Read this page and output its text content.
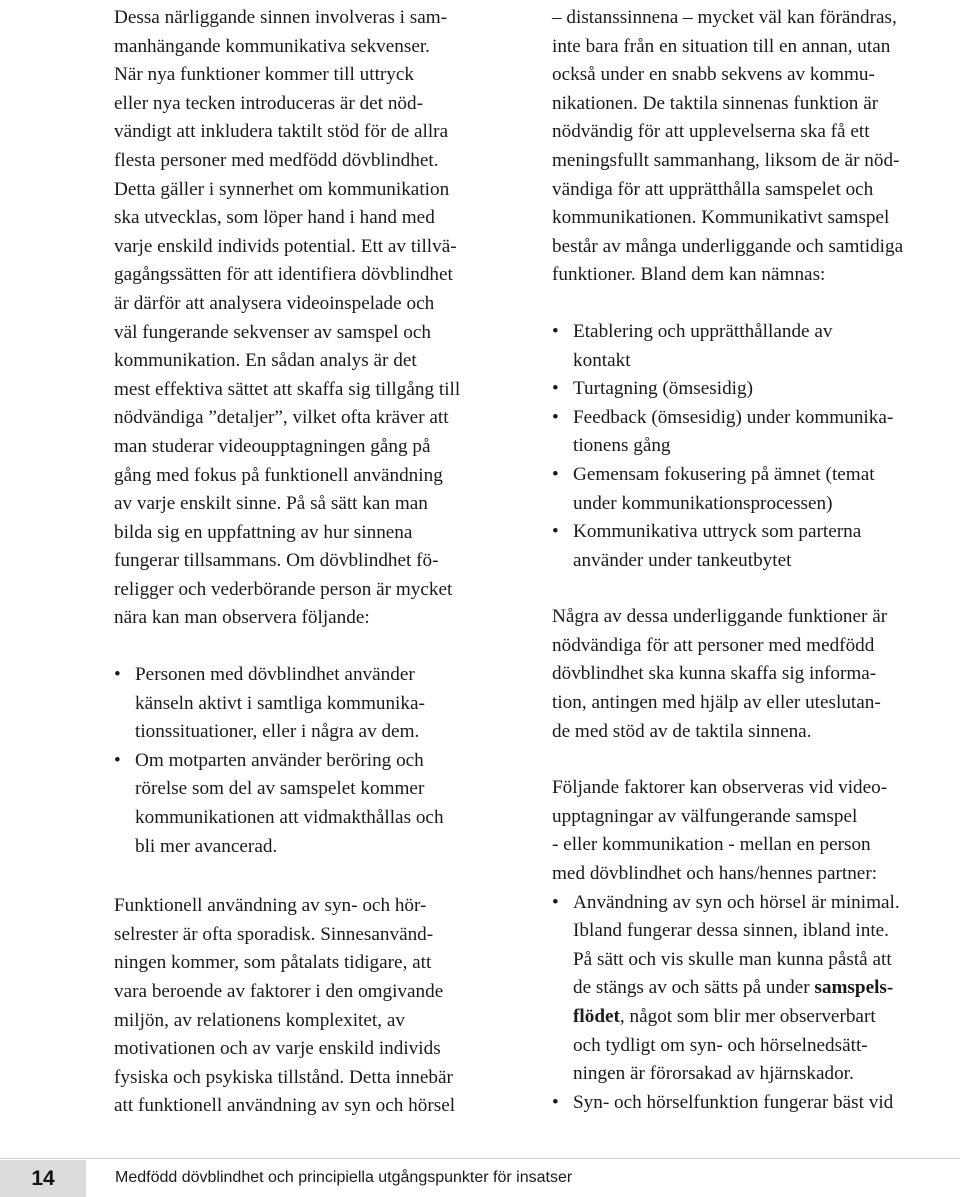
Dessa närliggande sinnen involveras i sam-
manhängande kommunikativa sekvenser.
När nya funktioner kommer till uttryck
eller nya tecken introduceras är det nöd-
vändigt att inkludera taktilt stöd för de allra
flesta personer med medfödd dövblindhet.
Detta gäller i synnerhet om kommunikation
ska utvecklas, som löper hand i hand med
varje enskild individs potential. Ett av tillvä-
gagångssätten för att identifiera dövblindhet
är därför att analysera videoinspelade och
väl fungerande sekvenser av samspel och
kommunikation. En sådan analys är det
mest effektiva sättet att skaffa sig tillgång till
nödvändiga ”detaljer”, vilket ofta kräver att
man studerar videoupptagningen gång på
gång med fokus på funktionell användning
av varje enskilt sinne. På så sätt kan man
bilda sig en uppfattning av hur sinnena
fungerar tillsammans. Om dövblindhet fö-
religger och vederbörande person är mycket
nära kan man observera följande:
• Personen med dövblindhet använder
känseln aktivt i samtliga kommunika-
tionssituationer, eller i några av dem.
• Om motparten använder beröring och
rörelse som del av samspelet kommer
kommunikationen att vidmakthållas och
bli mer avancerad.
Funktionell användning av syn- och hör-
selrester är ofta sporadisk. Sinnesanvänd-
ningen kommer, som påtalats tidigare, att
vara beroende av faktorer i den omgivande
miljön, av relationens komplexitet, av
motivationen och av varje enskild individs
fysiska och psykiska tillstånd. Detta innebär
att funktionell användning av syn och hörsel
– distanssinnena – mycket väl kan förändras,
inte bara från en situation till en annan, utan
också under en snabb sekvens av kommu-
nikationen. De taktila sinnenas funktion är
nödvändig för att upplevelserna ska få ett
meningsfullt sammanhang, liksom de är nöd-
vändiga för att upprätthålla samspelet och
kommunikationen. Kommunikativt samspel
består av många underliggande och samtidiga
funktioner. Bland dem kan nämnas:
• Etablering och upprätthållande av
kontakt
• Turtagning (ömsesidig)
• Feedback (ömsesidig) under kommunika-
tionens gång
• Gemensam fokusering på ämnet (temat
under kommunikationsprocessen)
• Kommunikativa uttryck som parterna
använder under tankeutbytet
Några av dessa underliggande funktioner är
nödvändiga för att personer med medfödd
dövblindhet ska kunna skaffa sig informa-
tion, antingen med hjälp av eller uteslutan-
de med stöd av de taktila sinnena.
Följande faktorer kan observeras vid video-
upptagningar av välfungerande samspel
- eller kommunikation - mellan en person
med dövblindhet och hans/hennes partner:
• Användning av syn och hörsel är minimal.
Ibland fungerar dessa sinnen, ibland inte.
På sätt och vis skulle man kunna påstå att
de stängs av och sätts på under samspels-
flödet, något som blir mer observerbart
och tydligt om syn- och hörselnedsätt-
ningen är förorsakad av hjärnskador.
• Syn- och hörselfunktion fungerar bäst vid
14	Medfödd dövblindhet och principiella utgångspunkter för insatser
